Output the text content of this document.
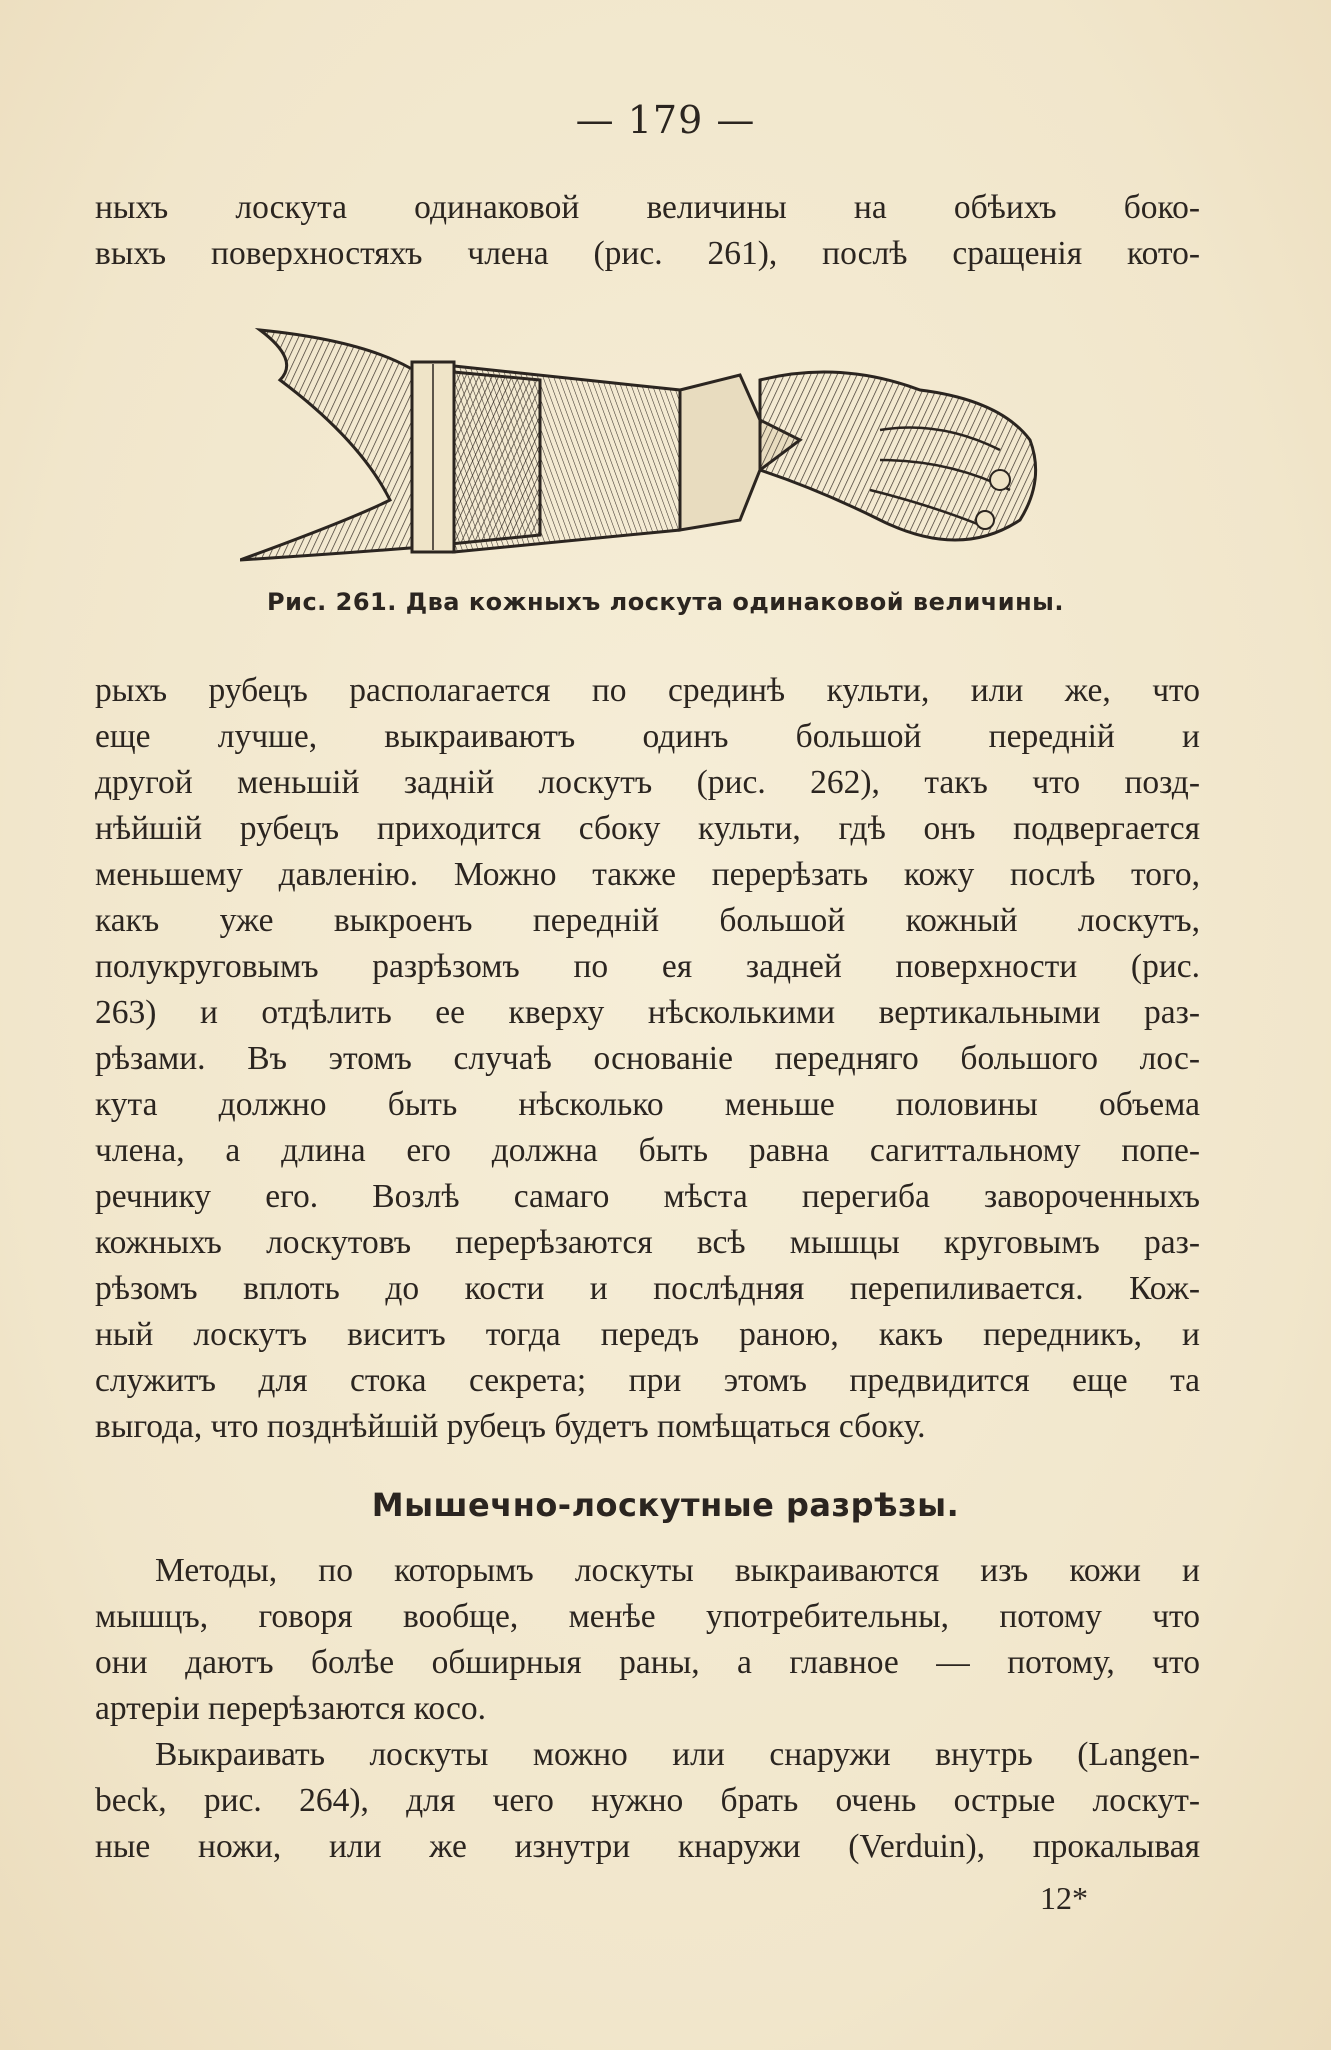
— 179 —
ныхъ лоскута одинаковой величины на обѣихъ боко-
выхъ поверхностяхъ члена (рис. 261), послѣ сращенія кото-
Рис. 261. Два кожныхъ лоскута одинаковой величины.
рыхъ рубецъ располагается по срединѣ культи, или же, что
еще лучше, выкраиваютъ одинъ большой передній и
другой меньшій задній лоскутъ (рис. 262), такъ что позд-
нѣйшій рубецъ приходится сбоку культи, гдѣ онъ подвергается
меньшему давленію. Можно также перерѣзать кожу послѣ того,
какъ уже выкроенъ передній большой кожный лоскутъ,
полукруговымъ разрѣзомъ по ея задней поверхности (рис.
263) и отдѣлить ее кверху нѣсколькими вертикальными раз-
рѣзами. Въ этомъ случаѣ основаніе передняго большого лос-
кута должно быть нѣсколько меньше половины объема
члена, а длина его должна быть равна сагиттальному попе-
речнику его. Возлѣ самаго мѣста перегиба завороченныхъ
кожныхъ лоскутовъ перерѣзаются всѣ мышцы круговымъ раз-
рѣзомъ вплоть до кости и послѣдняя перепиливается. Кож-
ный лоскутъ виситъ тогда передъ раною, какъ передникъ, и
служитъ для стока секрета; при этомъ предвидится еще та
выгода, что позднѣйшій рубецъ будетъ помѣщаться сбоку.
Мышечно-лоскутные разрѣзы.
Методы, по которымъ лоскуты выкраиваются изъ кожи и
мышцъ, говоря вообще, менѣе употребительны, потому что
они даютъ болѣе обширныя раны, а главное — потому, что
артеріи перерѣзаются косо.
Выкраивать лоскуты можно или снаружи внутрь (Langen-
beck, рис. 264), для чего нужно брать очень острые лоскут-
ные ножи, или же изнутри кнаружи (Verduin), прокалывая
12*
